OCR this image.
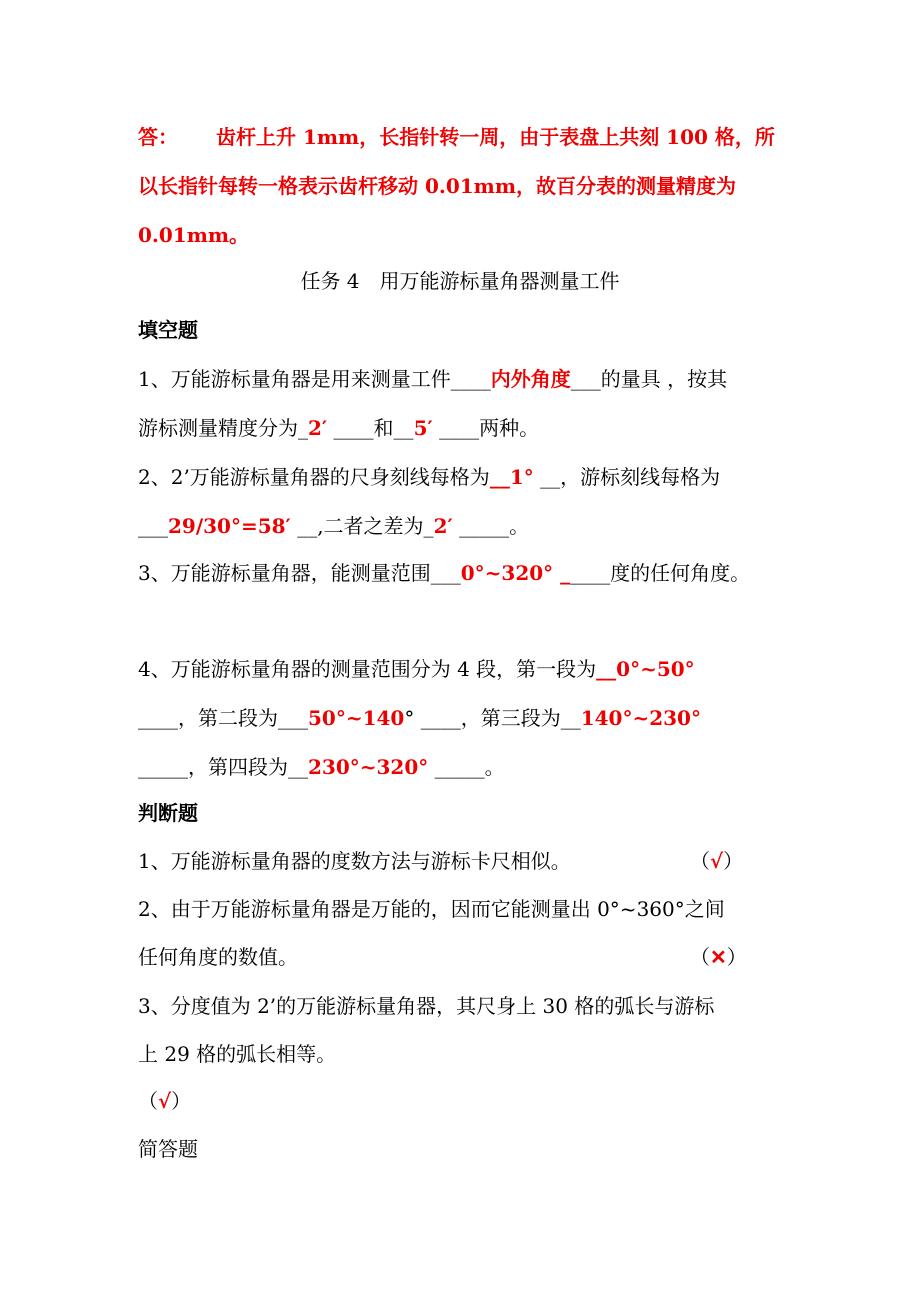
答： 齿杆上升 1mm，长指针转一周，由于表盘上共刻 100 格，所
以长指针每转一格表示齿杆移动 0.01mm，故百分表的测量精度为
0.01mm。
任务 4　用万能游标量角器测量工件
填空题
1、万能游标量角器是用来测量工件____内外角度___的量具 ，按其
游标测量精度分为_2′ ____和__5′ ____两种。
2、2’万能游标量角器的尺身刻线每格为__1° __，游标刻线每格为
___29/30°=58′ __,二者之差为_2′ _____。
3、万能游标量角器，能测量范围___0°~320° _____度的任何角度。
4、万能游标量角器的测量范围分为 4 段，第一段为__0°~50°
____，第二段为___50°~140° ____，第三段为__140°~230°
_____，第四段为__230°~320° _____。
判断题
1、万能游标量角器的度数方法与游标卡尺相似。	（√）
2、由于万能游标量角器是万能的，因而它能测量出 0°~360°之间
任何角度的数值。	（✕）
3、分度值为 2’的万能游标量角器，其尺身上 30 格的弧长与游标
上 29 格的弧长相等。
（√）
简答题
